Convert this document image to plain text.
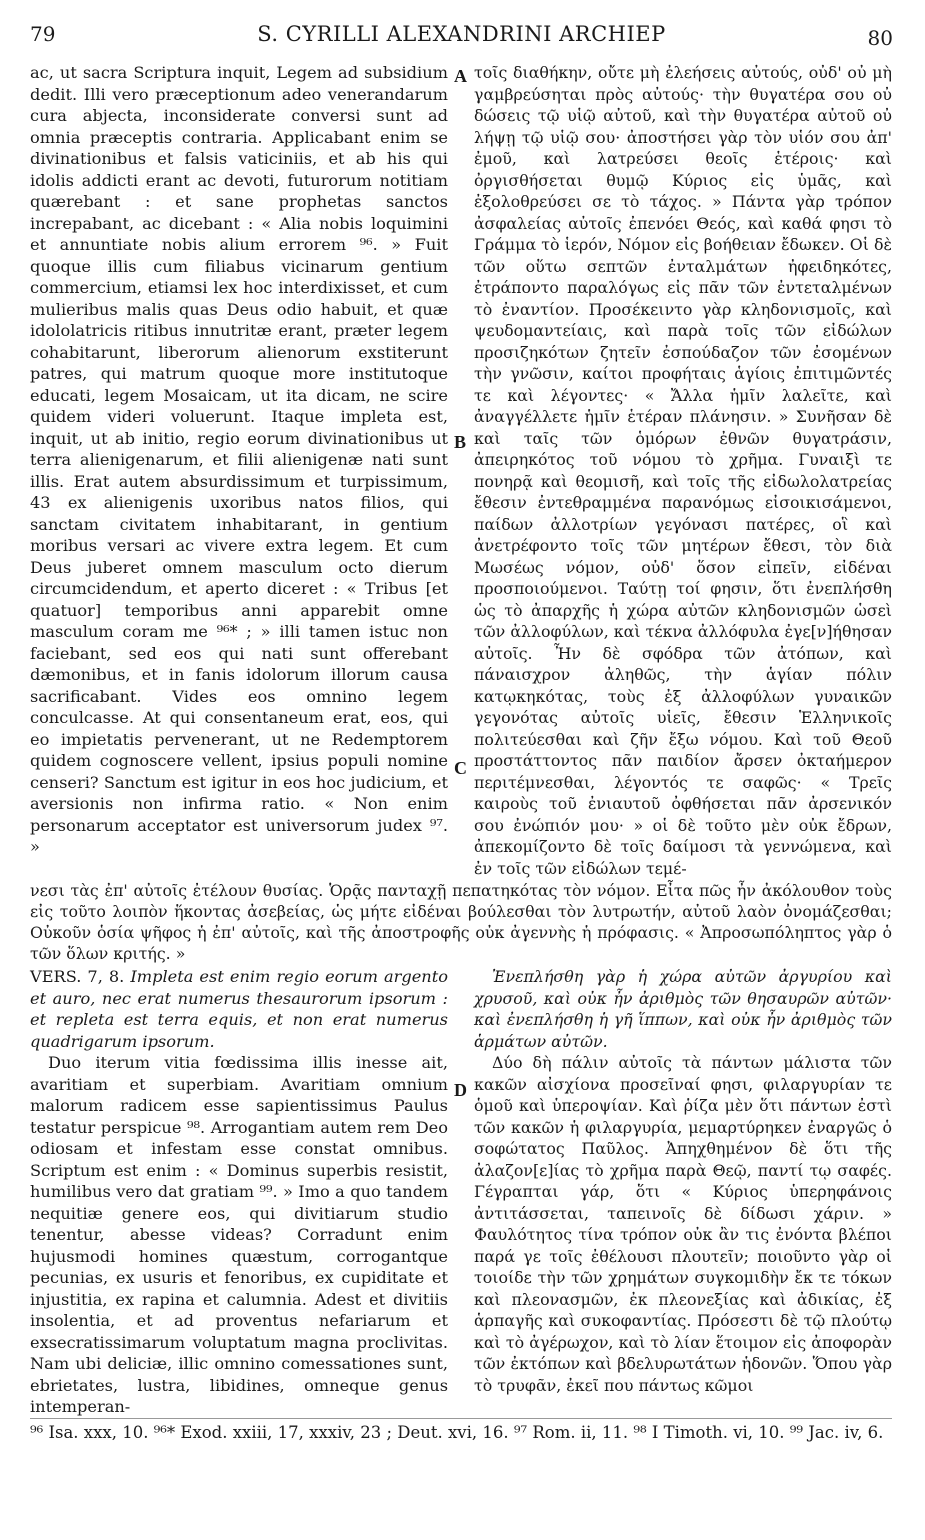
79	S. CYRILLI ALEXANDRINI ARCHIEP	80
A
B
C
D

ac, ut sacra Scriptura inquit, Legem ad subsidium dedit. Illi vero præceptionum adeo venerandarum cura abjecta, inconsiderate conversi sunt ad omnia præceptis contraria. Applicabant enim se divinationibus et falsis vaticiniis, et ab his qui idolis addicti erant ac devoti, futurorum notitiam quærebant : et sane prophetas sanctos increpabant, ac dicebant : « Alia nobis loquimini et annuntiate nobis alium errorem ⁹⁶. » Fuit quoque illis cum filiabus vicinarum gentium commercium, etiamsi lex hoc interdixisset, et cum mulieribus malis quas Deus odio habuit, et quæ idololatricis ritibus innutritæ erant, præter legem cohabitarunt, liberorum alienorum exstiterunt patres, qui matrum quoque more institutoque educati, legem Mosaicam, ut ita dicam, ne scire quidem videri voluerunt. Itaque impleta est, inquit, ut ab initio, regio eorum divinationibus ut terra alienigenarum, et filii alienigenæ nati sunt illis. Erat autem absurdissimum et turpissimum, 43 ex alienigenis uxoribus natos filios, qui sanctam civitatem inhabitarant, in gentium moribus versari ac vivere extra legem. Et cum Deus juberet omnem masculum octo dierum circumcidendum, et aperto diceret : « Tribus [et quatuor] temporibus anni apparebit omne masculum coram me ⁹⁶* ; » illi tamen istuc non faciebant, sed eos qui nati sunt offerebant dæmonibus, et in fanis idolorum illorum causa sacrificabant. Vides eos omnino legem conculcasse. At qui consentaneum erat, eos, qui eo impietatis pervenerant, ut ne Redemptorem quidem cognoscere vellent, ipsius populi nomine censeri? Sanctum est igitur in eos hoc judicium, et aversionis non infirma ratio. « Non enim personarum acceptator est universorum judex ⁹⁷. »

τοῖς διαθήκην, οὔτε μὴ ἐλεήσεις αὐτούς, οὐδ' οὐ μὴ γαμβρεύσηται πρὸς αὐτούς· τὴν θυγατέρα σου οὐ δώσεις τῷ υἱῷ αὐτοῦ, καὶ τὴν θυγατέρα αὐτοῦ οὐ λήψῃ τῷ υἱῷ σου· ἀποστήσει γὰρ τὸν υἱόν σου ἀπ' ἐμοῦ, καὶ λατρεύσει θεοῖς ἑτέροις· καὶ ὀργισθήσεται θυμῷ Κύριος εἰς ὑμᾶς, καὶ ἐξολοθρεύσει σε τὸ τάχος. » Πάντα γὰρ τρόπον ἀσφαλείας αὐτοῖς ἐπενόει Θεός, καὶ καθά φησι τὸ Γράμμα τὸ ἱερόν, Νόμον εἰς βοήθειαν ἔδωκεν. Οἱ δὲ τῶν οὕτω σεπτῶν ἐνταλμάτων ἠφειδηκότες, ἐτράποντο παραλόγως εἰς πᾶν τῶν ἐντεταλμένων τὸ ἐναντίον. Προσέκειντο γὰρ κληδονισμοῖς, καὶ ψευδομαντείαις, καὶ παρὰ τοῖς τῶν εἰδώλων προσιζηκότων ζητεῖν ἐσπούδαζον τῶν ἐσομένων τὴν γνῶσιν, καίτοι προφήταις ἁγίοις ἐπιτιμῶντές τε καὶ λέγοντες· « Ἄλλα ἡμῖν λαλεῖτε, καὶ ἀναγγέλλετε ἡμῖν ἑτέραν πλάνησιν. » Συνῆσαν δὲ καὶ ταῖς τῶν ὁμόρων ἐθνῶν θυγατράσιν, ἀπειρηκότος τοῦ νόμου τὸ χρῆμα. Γυναιξὶ τε πονηρᾷ καὶ θεομισῆ, καὶ τοῖς τῆς εἰδωλολατρείας ἔθεσιν ἐντεθραμμένα παρανόμως εἰσοικισάμενοι, παίδων ἀλλοτρίων γεγόνασι πατέρες, οἳ καὶ ἀνετρέφοντο τοῖς τῶν μητέρων ἔθεσι, τὸν διὰ Μωσέως νόμον, οὐδ' ὅσον εἰπεῖν, εἰδέναι προσποιούμενοι. Ταύτῃ τοί φησιν, ὅτι ἐνεπλήσθη ὡς τὸ ἀπαρχῆς ἡ χώρα αὐτῶν κληδονισμῶν ὡσεὶ τῶν ἀλλοφύλων, καὶ τέκνα ἀλλόφυλα ἐγε[ν]ήθησαν αὐτοῖς. Ἦν δὲ σφόδρα τῶν ἀτόπων, καὶ πάναισχρον ἀληθῶς, τὴν ἁγίαν πόλιν κατῳκηκότας, τοὺς ἐξ ἀλλοφύλων γυναικῶν γεγονότας αὐτοῖς υἱεῖς, ἔθεσιν Ἑλληνικοῖς πολιτεύεσθαι καὶ ζῆν ἔξω νόμου. Καὶ τοῦ Θεοῦ προστάττοντος πᾶν παιδίον ἄρσεν ὀκταήμερον περιτέμνεσθαι, λέγοντός τε σαφῶς· « Τρεῖς καιροὺς τοῦ ἐνιαυτοῦ ὀφθήσεται πᾶν ἀρσενικόν σου ἐνώπιόν μου· » οἱ δὲ τοῦτο μὲν οὐκ ἔδρων, ἀπεκομίζοντο δὲ τοῖς δαίμοσι τὰ γεννώμενα, καὶ ἐν τοῖς τῶν εἰδώλων τεμέ-

νεσι τὰς ἐπ' αὐτοῖς ἐτέλουν θυσίας. Ὁρᾷς πανταχῇ πεπατηκότας τὸν νόμον. Εἶτα πῶς ἦν ἀκόλουθον τοὺς εἰς τοῦτο λοιπὸν ἥκοντας ἀσεβείας, ὡς μήτε εἰδέναι βούλεσθαι τὸν λυτρωτήν, αὐτοῦ λαὸν ὀνομάζεσθαι; Οὐκοῦν ὁσία ψῆφος ἡ ἐπ' αὐτοῖς, καὶ τῆς ἀποστροφῆς οὐκ ἀγεννὴς ἡ πρόφασις. « Ἀπροσωπόληπτος γὰρ ὁ τῶν ὅλων κριτής. »

VERS. 7, 8. Impleta est enim regio eorum argento et auro, nec erat numerus thesaurorum ipsorum : et repleta est terra equis, et non erat numerus quadrigarum ipsorum.

Duo iterum vitia fœdissima illis inesse ait, avaritiam et superbiam. Avaritiam omnium malorum radicem esse sapientissimus Paulus testatur perspicue ⁹⁸. Arrogantiam autem rem Deo odiosam et infestam esse constat omnibus. Scriptum est enim : « Dominus superbis resistit, humilibus vero dat gratiam ⁹⁹. » Imo a quo tandem nequitiæ genere eos, qui divitiarum studio tenentur, abesse videas? Corradunt enim hujusmodi homines quæstum, corrogantque pecunias, ex usuris et fenoribus, ex cupiditate et injustitia, ex rapina et calumnia. Adest et divitiis insolentia, et ad proventus nefariarum et exsecratissimarum voluptatum magna proclivitas. Nam ubi deliciæ, illic omnino comessationes sunt, ebrietates, lustra, libidines, omneque genus intemperan-

Ἐνεπλήσθη γὰρ ἡ χώρα αὐτῶν ἀργυρίου καὶ χρυσοῦ, καὶ οὐκ ἦν ἀριθμὸς τῶν θησαυρῶν αὐτῶν· καὶ ἐνεπλήσθη ἡ γῆ ἵππων, καὶ οὐκ ἦν ἀριθμὸς τῶν ἁρμάτων αὐτῶν.

Δύο δὴ πάλιν αὐτοῖς τὰ πάντων μάλιστα τῶν κακῶν αἰσχίονα προσεῖναί φησι, φιλαργυρίαν τε ὁμοῦ καὶ ὑπεροψίαν. Καὶ ῥίζα μὲν ὅτι πάντων ἐστὶ τῶν κακῶν ἡ φιλαργυρία, μεμαρτύρηκεν ἐναργῶς ὁ σοφώτατος Παῦλος. Ἀπηχθημένον δὲ ὅτι τῆς ἀλαζον[ε]ίας τὸ χρῆμα παρὰ Θεῷ, παντί τῳ σαφές. Γέγραπται γάρ, ὅτι « Κύριος ὑπερηφάνοις ἀντιτάσσεται, ταπεινοῖς δὲ δίδωσι χάριν. » Φαυλότητος τίνα τρόπον οὐκ ἂν τις ἐνόντα βλέποι παρά γε τοῖς ἐθέλουσι πλουτεῖν; ποιοῦντο γὰρ οἱ τοιοίδε τὴν τῶν χρημάτων συγκομιδὴν ἔκ τε τόκων καὶ πλεονασμῶν, ἐκ πλεονεξίας καὶ ἀδικίας, ἐξ ἁρπαγῆς καὶ συκοφαντίας. Πρόσεστι δὲ τῷ πλούτῳ καὶ τὸ ἀγέρωχον, καὶ τὸ λίαν ἕτοιμον εἰς ἀποφορὰν τῶν ἐκτόπων καὶ βδελυρωτάτων ἡδονῶν. Ὅπου γὰρ τὸ τρυφᾶν, ἐκεῖ που πάντως κῶμοι

⁹⁶ Isa. xxx, 10. ⁹⁶* Exod. xxiii, 17, xxxiv, 23 ; Deut. xvi, 16. ⁹⁷ Rom. ii, 11. ⁹⁸ I Timoth. vi, 10. ⁹⁹ Jac. iv, 6.
